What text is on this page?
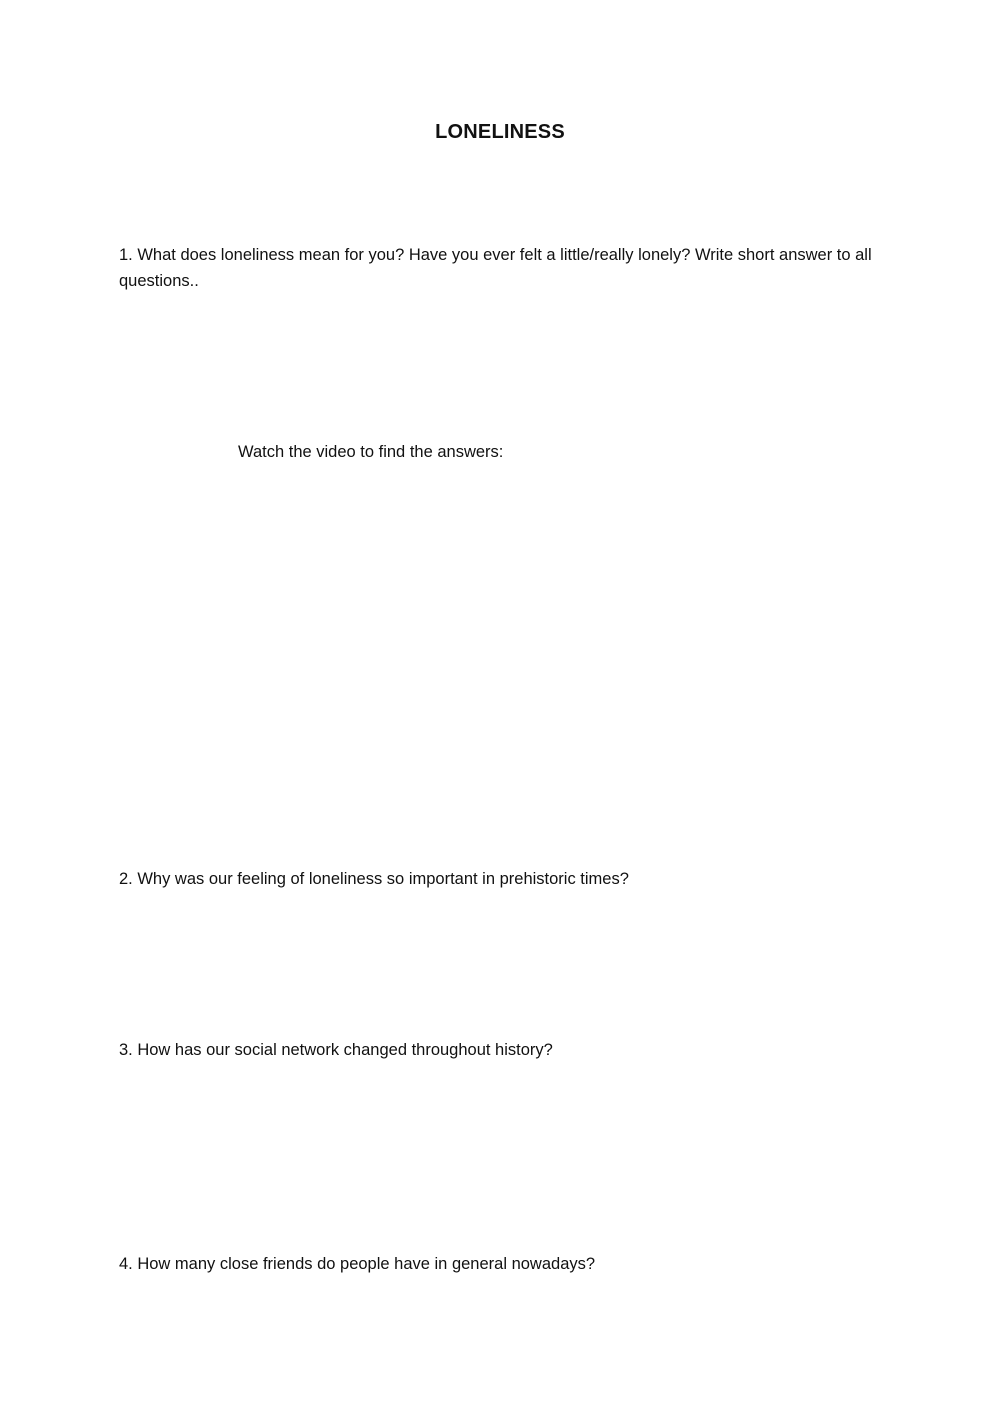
LONELINESS
1. What does loneliness mean for you? Have you ever felt a little/really lonely? Write short answer to all questions..
Watch the video to find the answers:
2. Why was our feeling of loneliness so important in prehistoric times?
3. How has our social network changed throughout history?
4. How many close friends do people have in general nowadays?
